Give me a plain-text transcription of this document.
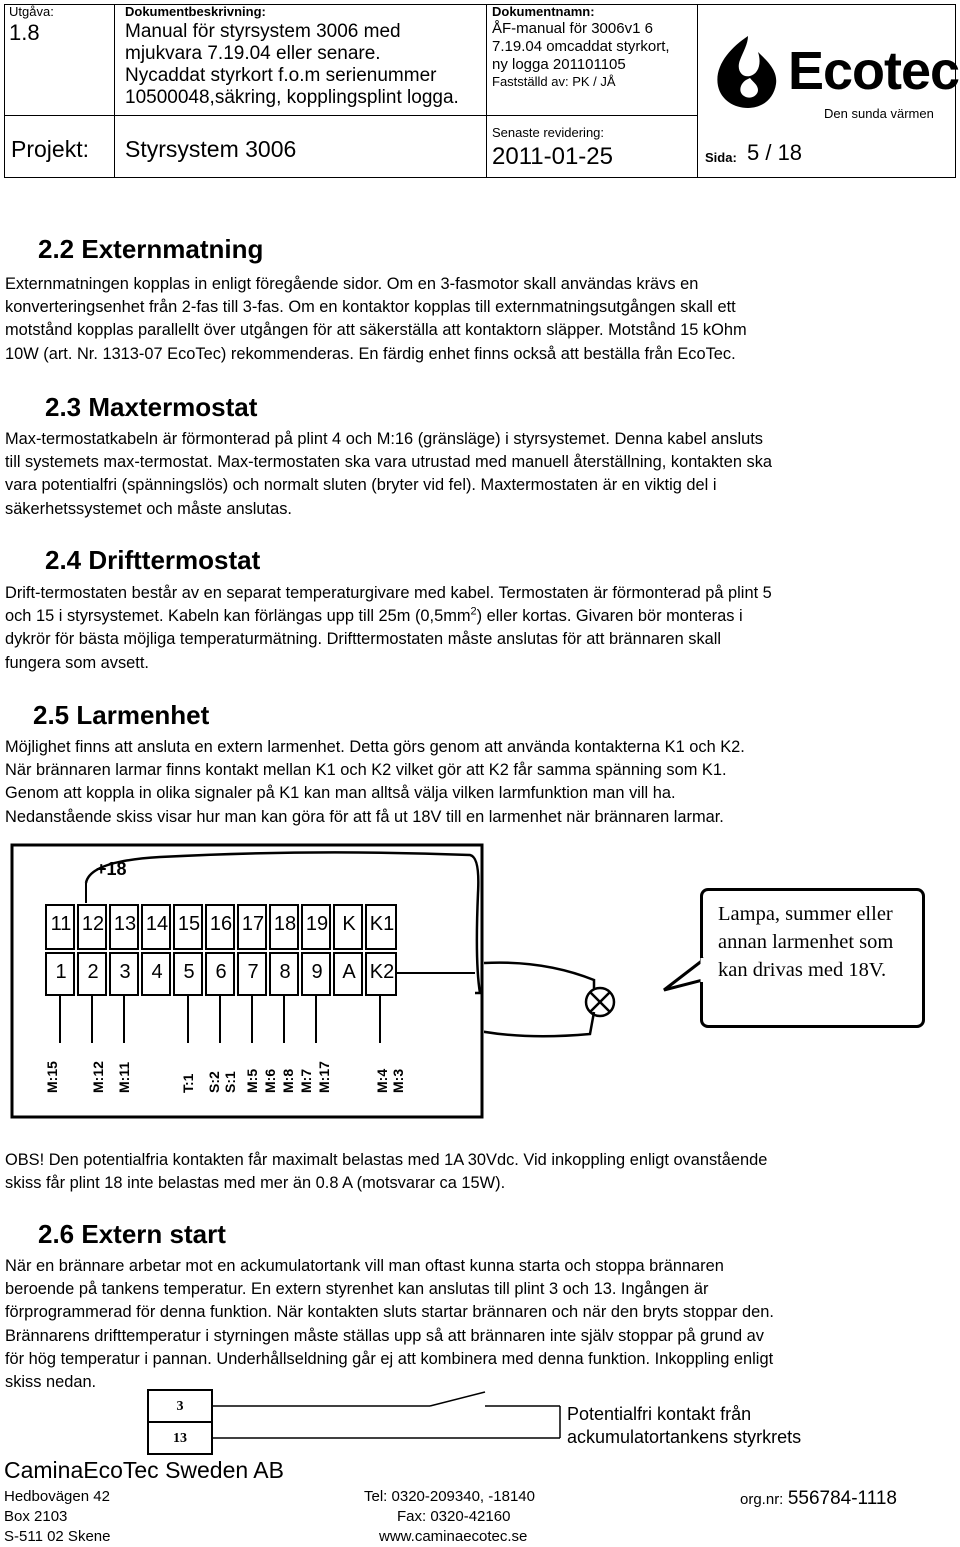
Utgåva:
1.8
Dokumentbeskrivning:
Manual för styrsystem 3006 med
mjukvara 7.19.04 eller senare.
Nycaddat styrkort f.o.m serienummer
10500048,säkring, kopplingsplint logga.
Dokumentnamn:
ÅF-manual för 3006v1 6
7.19.04 omcaddat styrkort,
ny logga 201101105
Fastställd av: PK / JÅ
Projekt: Styrsystem 3006
Senaste revidering:
2011-01-25	Sida: 5 / 18
Ecotec
Den sunda värmen
2.2 Externmatning
Externmatningen kopplas in enligt föregående sidor. Om en 3-fasmotor skall användas krävs en
konverteringsenhet från 2-fas till 3-fas. Om en kontaktor kopplas till externmatningsutgången skall ett
motstånd kopplas parallellt över utgången för att säkerställa att kontaktorn släpper. Motstånd 15 kOhm
10W (art. Nr. 1313-07 EcoTec) rekommenderas. En färdig enhet finns också att beställa från EcoTec.
2.3 Maxtermostat
Max-termostatkabeln är förmonterad på plint 4 och M:16 (gränsläge) i styrsystemet. Denna kabel ansluts
till systemets max-termostat. Max-termostaten ska vara utrustad med manuell återställning, kontakten ska
vara potentialfri (spänningslös) och normalt sluten (bryter vid fel). Maxtermostaten är en viktig del i
säkerhetssystemet och måste anslutas.
2.4 Drifttermostat
Drift-termostaten består av en separat temperaturgivare med kabel. Termostaten är förmonterad på plint 5
och 15 i styrsystemet. Kabeln kan förlängas upp till 25m $(0,5mm^2)$ eller kortas. Givaren bör monteras i
dykrör för bästa möjliga temperaturmätning. Drifttermostaten måste anslutas för att brännaren skall
fungera som avsett.
2.5 Larmenhet
Möjlighet finns att ansluta en extern larmenhet. Detta görs genom att använda kontakterna K1 och K2.
När brännaren larmar finns kontakt mellan K1 och K2 vilket gör att K2 får samma spänning som K1.
Genom att koppla in olika signaler på K1 kan man alltså välja vilken larmfunktion man vill ha.
Nedanstående skiss visar hur man kan göra för att få ut 18V till en larmenhet när brännaren larmar.
+18
11 12 13 14 15 16 17 18 19 K K1
1	2	3	4	5	6	7	8	9 A K2
M:15 M:12 M:11	T:1 S:2 S:1 M:5 M:6 M:8 M:7 M:17	M:4 M:3
Lampa, summer eller annan larmenhet som kan drivas med 18V.
OBS! Den potentialfria kontakten får maximalt belastas med 1A 30Vdc. Vid inkoppling enligt ovanstående
skiss får plint 18 inte belastas med mer än 0.8 A (motsvarar ca 15W).
2.6 Extern start
När en brännare arbetar mot en ackumulatortank vill man oftast kunna starta och stoppa brännaren
beroende på tankens temperatur. En extern styrenhet kan anslutas till plint 3 och 13. Ingången är
förprogrammerad för denna funktion. När kontakten sluts startar brännaren och när den bryts stoppar den.
Brännarens drifttemperatur i styrningen måste ställas upp så att brännaren inte själv stoppar på grund av
för hög temperatur i pannan. Underhållseldning går ej att kombinera med denna funktion. Inkoppling enligt
skiss nedan.
3
13
Potentialfri kontakt från
ackumulatortankens styrkrets
CaminaEcoTec Sweden AB
Hedbovägen 42
Box 2103
S-511 02 Skene
Tel: 0320-209340, -18140
Fax: 0320-42160
www.caminaecotec.se
org.nr: 556784-1118
